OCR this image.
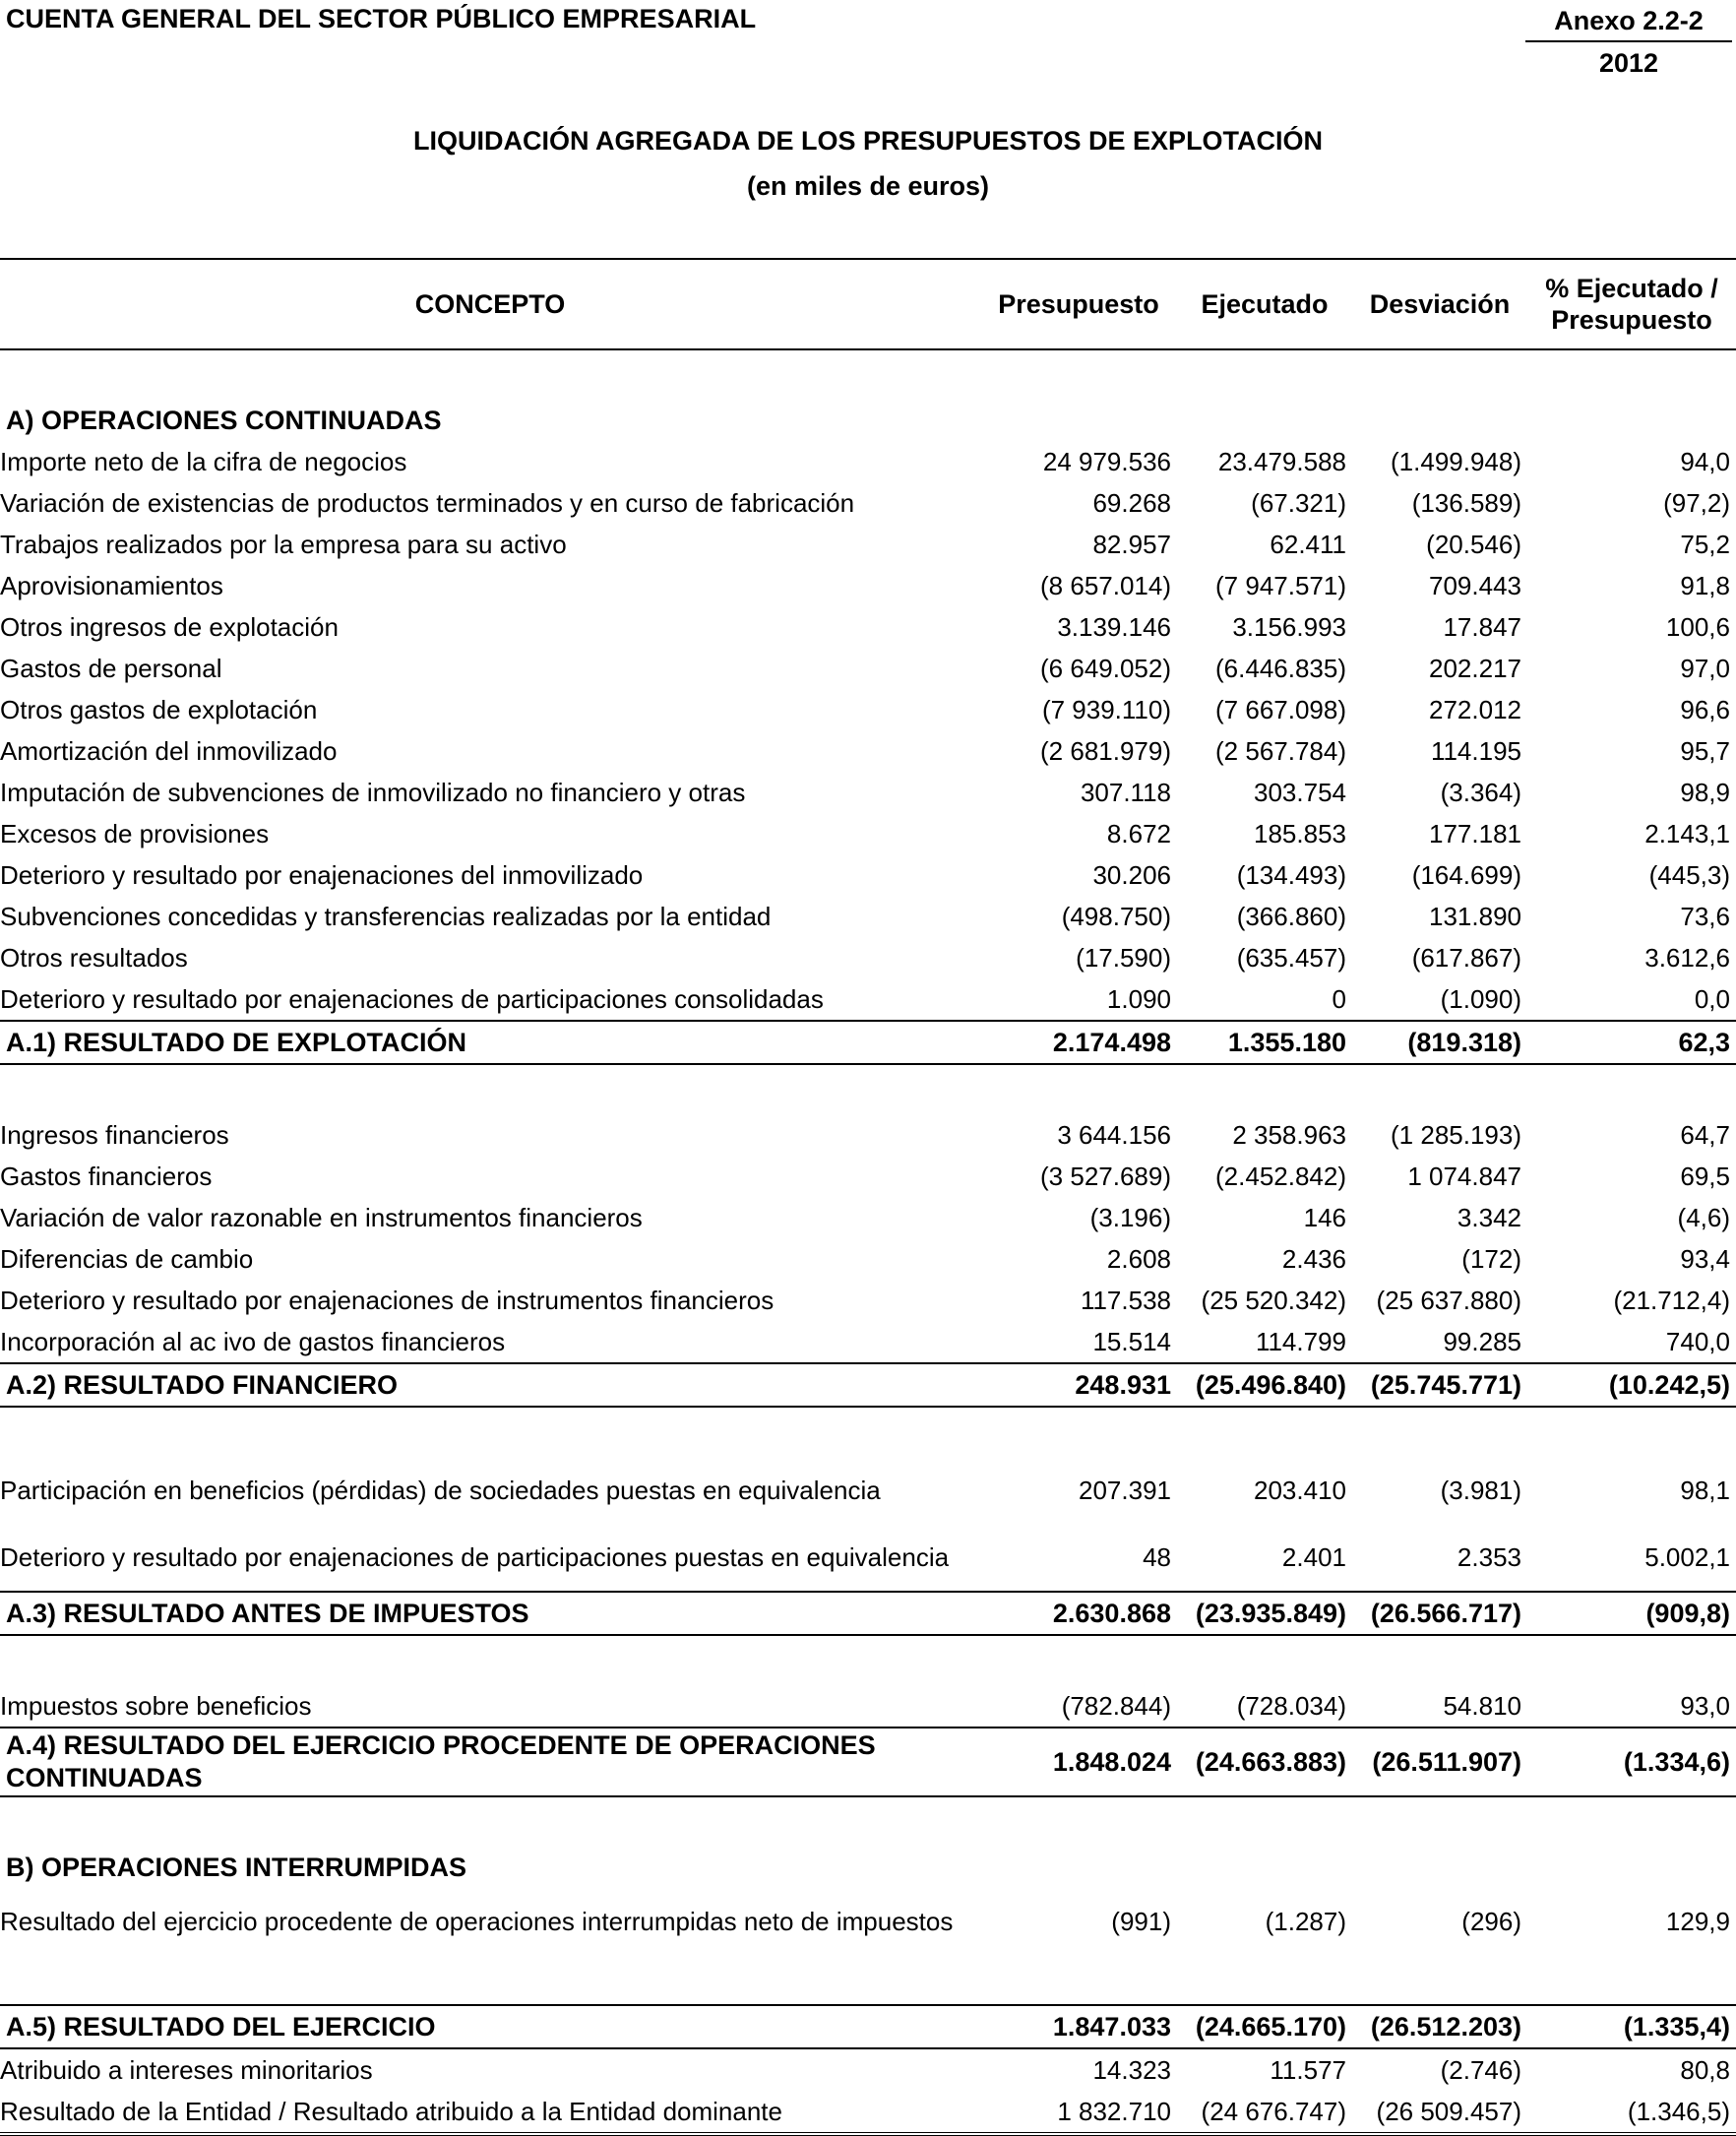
CUENTA GENERAL DEL SECTOR PÚBLICO EMPRESARIAL	Anexo 2.2-2
2012
LIQUIDACIÓN AGREGADA DE LOS PRESUPUESTOS DE EXPLOTACIÓN
(en miles de euros)
CONCEPTO	Presupuesto	Ejecutado	Desviación	% Ejecutado /
Presupuesto

A) OPERACIONES CONTINUADAS				
Importe neto de la cifra de negocios	24 979.536	23.479.588	(1.499.948)	94,0
Variación de existencias de productos terminados y en curso de fabricación	69.268	(67.321)	(136.589)	(97,2)
Trabajos realizados por la empresa para su activo	82.957	62.411	(20.546)	75,2
Aprovisionamientos	(8 657.014)	(7 947.571)	709.443	91,8
Otros ingresos de explotación	3.139.146	3.156.993	17.847	100,6
Gastos de personal	(6 649.052)	(6.446.835)	202.217	97,0
Otros gastos de explotación	(7 939.110)	(7 667.098)	272.012	96,6
Amortización del inmovilizado	(2 681.979)	(2 567.784)	114.195	95,7
Imputación de subvenciones de inmovilizado no financiero y otras	307.118	303.754	(3.364)	98,9
Excesos de provisiones	8.672	185.853	177.181	2.143,1
Deterioro y resultado por enajenaciones del inmovilizado	30.206	(134.493)	(164.699)	(445,3)
Subvenciones concedidas y transferencias realizadas por la entidad	(498.750)	(366.860)	131.890	73,6
Otros resultados	(17.590)	(635.457)	(617.867)	3.612,6
Deterioro y resultado por enajenaciones de participaciones consolidadas	1.090	0	(1.090)	0,0
A.1) RESULTADO DE EXPLOTACIÓN	2.174.498	1.355.180	(819.318)	62,3

Ingresos financieros	3 644.156	2 358.963	(1 285.193)	64,7
Gastos financieros	(3 527.689)	(2.452.842)	1 074.847	69,5
Variación de valor razonable en instrumentos financieros	(3.196)	146	3.342	(4,6)
Diferencias de cambio	2.608	2.436	(172)	93,4
Deterioro y resultado por enajenaciones de instrumentos financieros	117.538	(25 520.342)	(25 637.880)	(21.712,4)
Incorporación al ac ivo de gastos financieros	15.514	114.799	99.285	740,0
A.2) RESULTADO FINANCIERO	248.931	(25.496.840)	(25.745.771)	(10.242,5)

Participación en beneficios (pérdidas) de sociedades puestas en equivalencia	207.391	203.410	(3.981)	98,1
Deterioro y resultado por enajenaciones de participaciones puestas en equivalencia	48	2.401	2.353	5.002,1
A.3) RESULTADO ANTES DE IMPUESTOS	2.630.868	(23.935.849)	(26.566.717)	(909,8)

Impuestos sobre beneficios	(782.844)	(728.034)	54.810	93,0
A.4) RESULTADO DEL EJERCICIO PROCEDENTE DE OPERACIONES CONTINUADAS	1.848.024	(24.663.883)	(26.511.907)	(1.334,6)

B) OPERACIONES INTERRUMPIDAS				
Resultado del ejercicio procedente de operaciones interrumpidas neto de impuestos	(991)	(1.287)	(296)	129,9

A.5) RESULTADO DEL EJERCICIO	1.847.033	(24.665.170)	(26.512.203)	(1.335,4)
Atribuido a intereses minoritarios	14.323	11.577	(2.746)	80,8
Resultado de la Entidad / Resultado atribuido a la Entidad dominante	1 832.710	(24 676.747)	(26 509.457)	(1.346,5)
